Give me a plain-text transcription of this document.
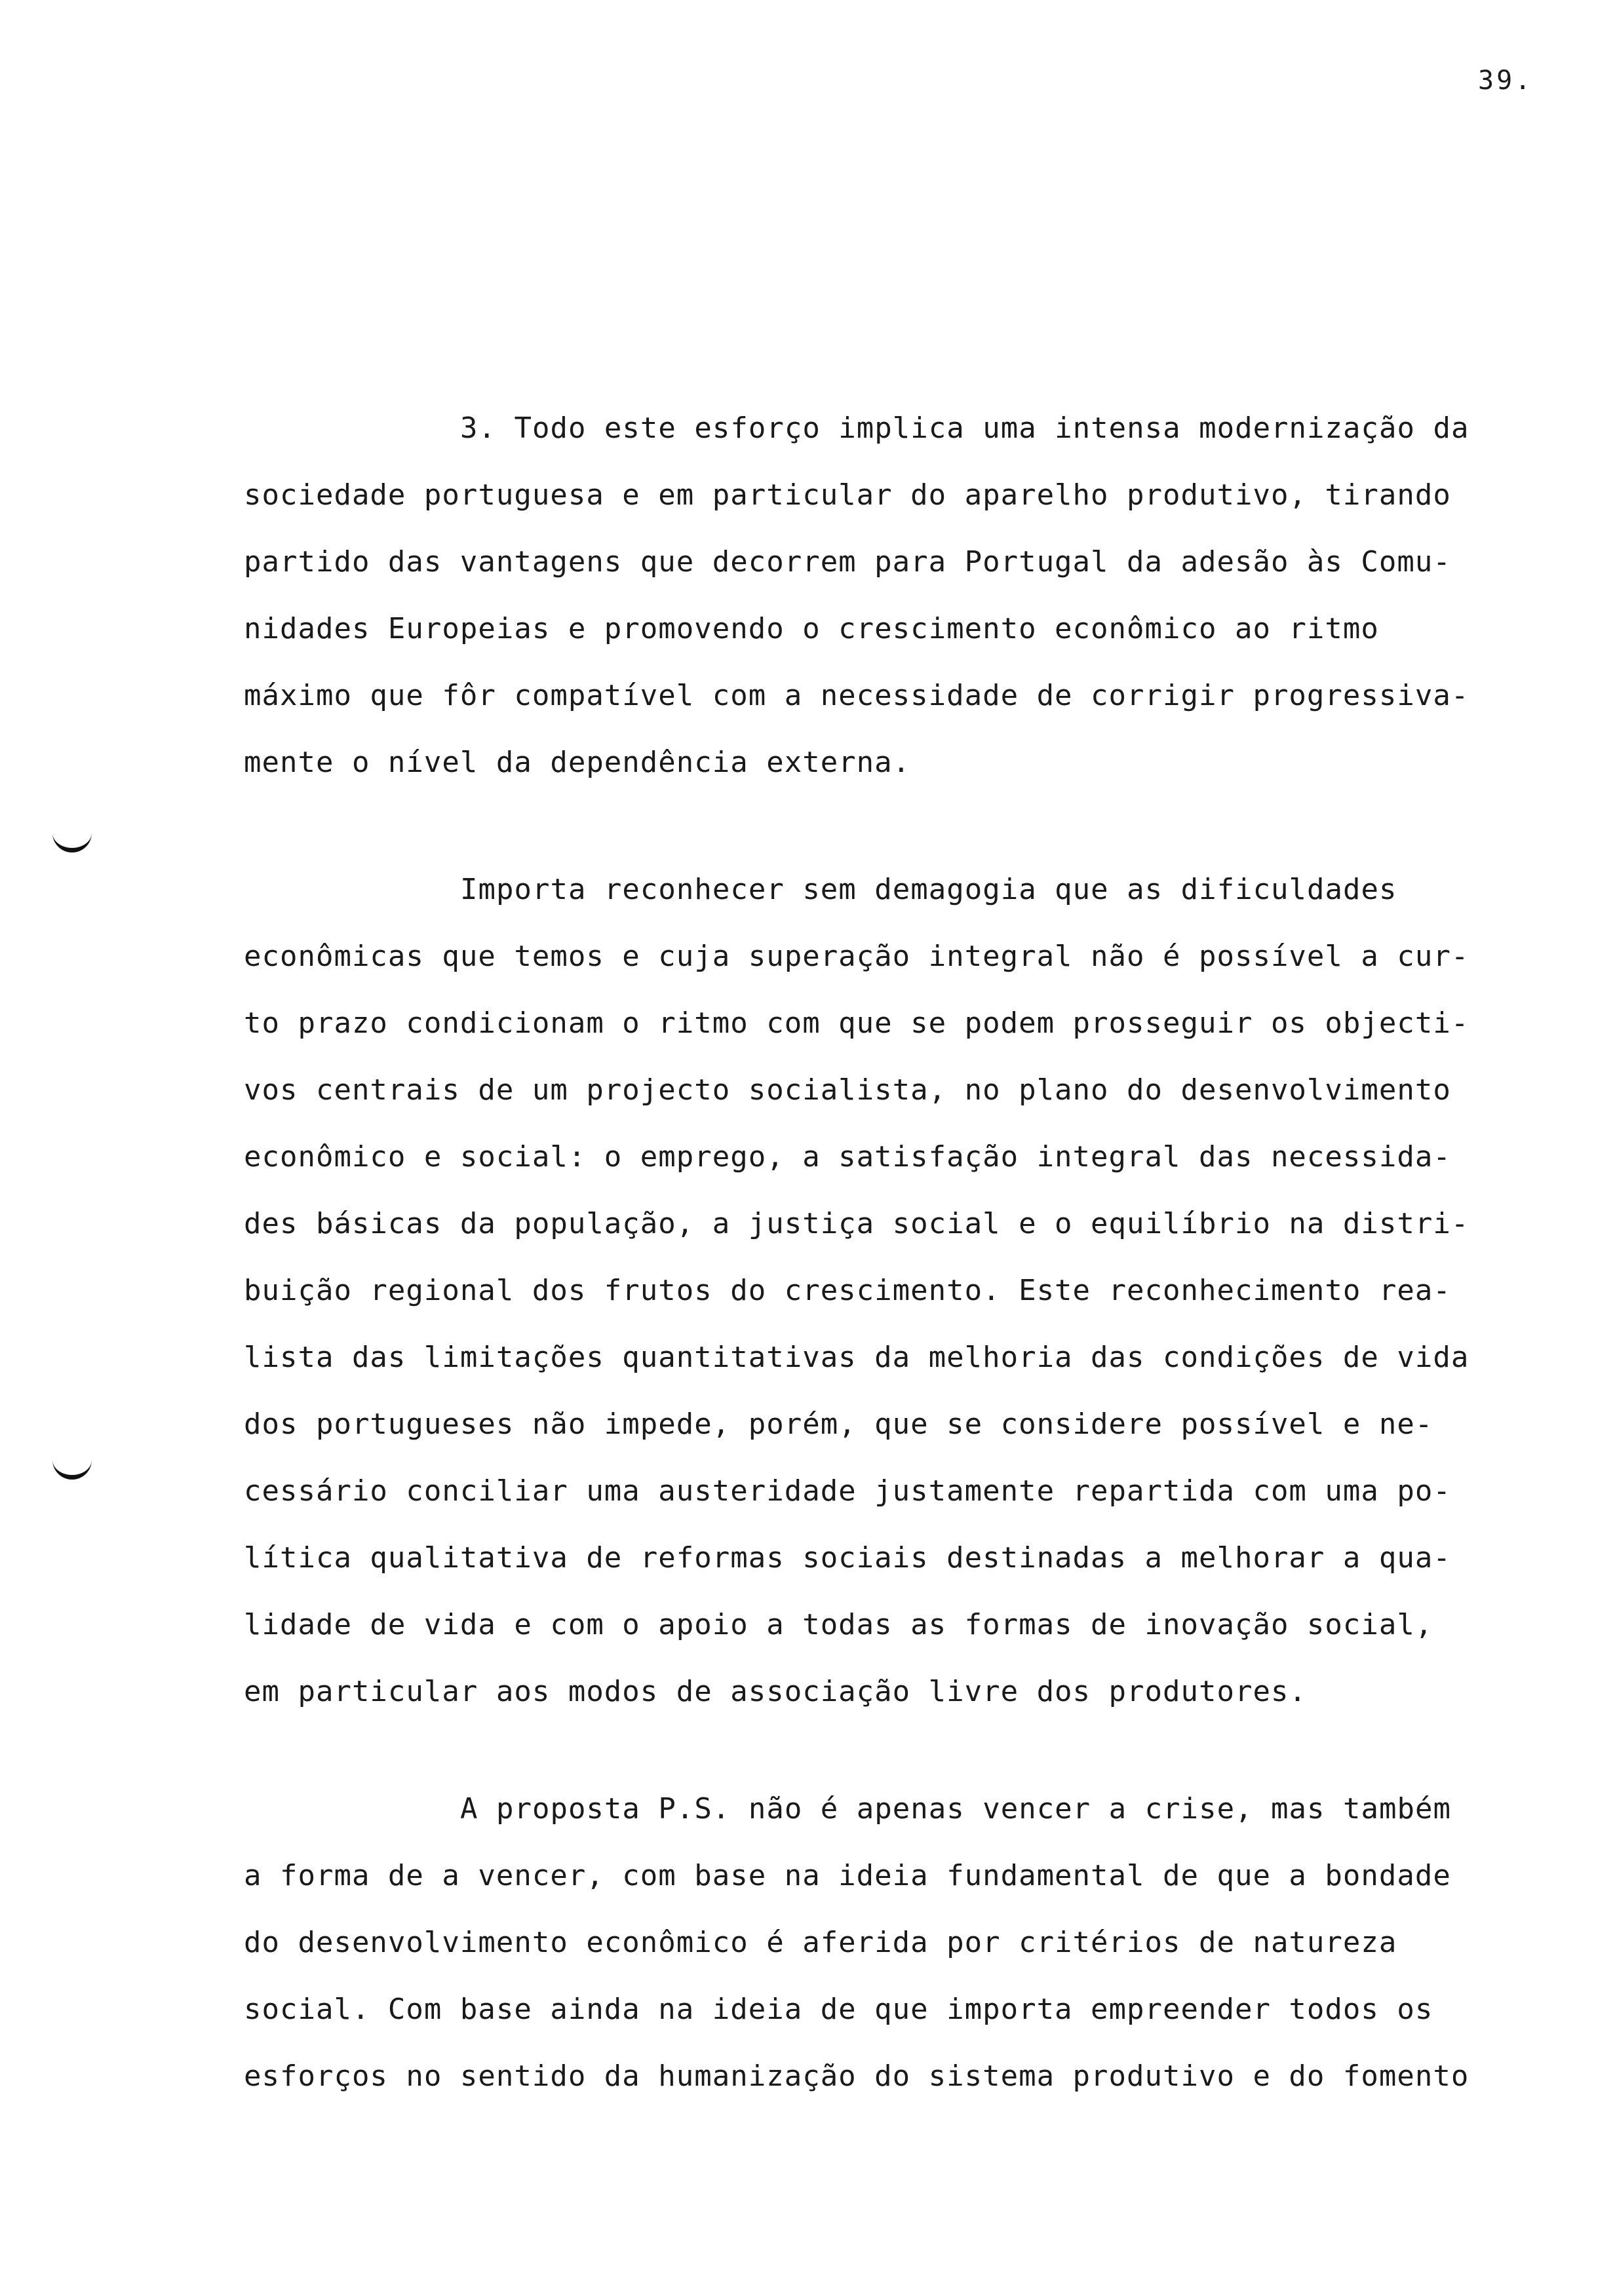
39.
3. Todo este esforço implica uma intensa modernização da
sociedade portuguesa e em particular do aparelho produtivo, tirando
partido das vantagens que decorrem para Portugal da adesão às Comu-
nidades Europeias e promovendo o crescimento econômico ao ritmo
máximo que fôr compatível com a necessidade de corrigir progressiva-
mente o nível da dependência externa.
Importa reconhecer sem demagogia que as dificuldades
econômicas que temos e cuja superação integral não é possível a cur-
to prazo condicionam o ritmo com que se podem prosseguir os objecti-
vos centrais de um projecto socialista, no plano do desenvolvimento
econômico e social: o emprego, a satisfação integral das necessida-
des básicas da população, a justiça social e o equilíbrio na distri-
buição regional dos frutos do crescimento. Este reconhecimento rea-
lista das limitações quantitativas da melhoria das condições de vida
dos portugueses não impede, porém, que se considere possível e ne-
cessário conciliar uma austeridade justamente repartida com uma po-
lítica qualitativa de reformas sociais destinadas a melhorar a qua-
lidade de vida e com o apoio a todas as formas de inovação social,
em particular aos modos de associação livre dos produtores.
A proposta P.S. não é apenas vencer a crise, mas também
a forma de a vencer, com base na ideia fundamental de que a bondade
do desenvolvimento econômico é aferida por critérios de natureza
social. Com base ainda na ideia de que importa empreender todos os
esforços no sentido da humanização do sistema produtivo e do fomento
